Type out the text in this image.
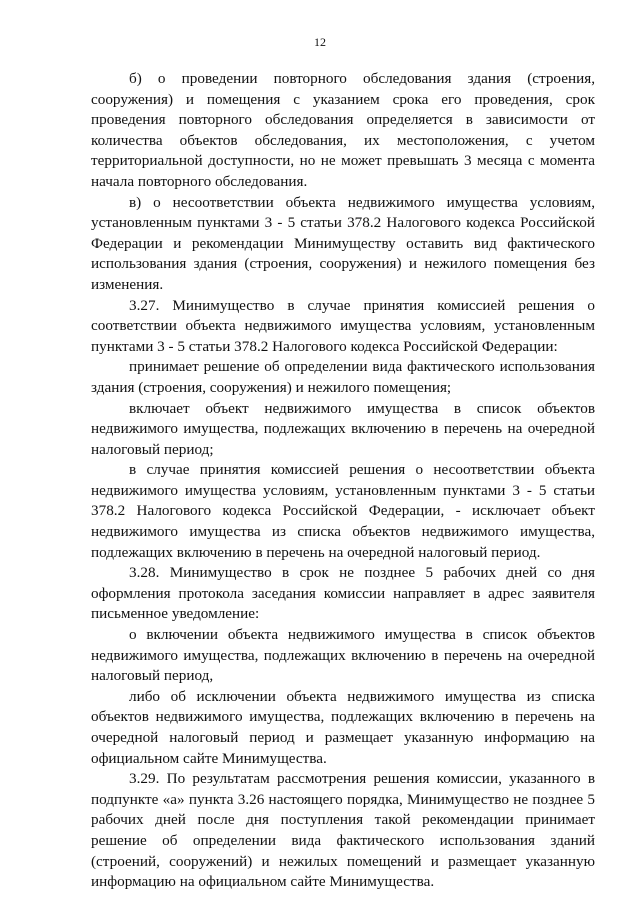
12

б) о проведении повторного обследования здания (строения, сооружения) и помещения с указанием срока его проведения, срок проведения повторного обследования определяется в зависимости от количества объектов обследования, их местоположения, с учетом территориальной доступности, но не может превышать 3 месяца с момента начала повторного обследования.

в) о несоответствии объекта недвижимого имущества условиям, установленным пунктами 3 - 5 статьи 378.2 Налогового кодекса Российской Федерации и рекомендации Минимуществу оставить вид фактического использования здания (строения, сооружения) и нежилого помещения без изменения.

3.27. Минимущество в случае принятия комиссией решения о соответствии объекта недвижимого имущества условиям, установленным пунктами 3 - 5 статьи 378.2 Налогового кодекса Российской Федерации:

принимает решение об определении вида фактического использования здания (строения, сооружения) и нежилого помещения;

включает объект недвижимого имущества в список объектов недвижимого имущества, подлежащих включению в перечень на очередной налоговый период;

в случае принятия комиссией решения о несоответствии объекта недвижимого имущества условиям, установленным пунктами 3 - 5 статьи 378.2 Налогового кодекса Российской Федерации, - исключает объект недвижимого имущества из списка объектов недвижимого имущества, подлежащих включению в перечень на очередной налоговый период.

3.28. Минимущество в срок не позднее 5 рабочих дней со дня оформления протокола заседания комиссии направляет в адрес заявителя письменное уведомление:

о включении объекта недвижимого имущества в список объектов недвижимого имущества, подлежащих включению в перечень на очередной налоговый период,

либо об исключении объекта недвижимого имущества из списка объектов недвижимого имущества, подлежащих включению в перечень на очередной налоговый период и размещает указанную информацию на официальном сайте Минимущества.

3.29. По результатам рассмотрения решения комиссии, указанного в подпункте «а» пункта 3.26 настоящего порядка, Минимущество не позднее 5 рабочих дней после дня поступления такой рекомендации принимает решение об определении вида фактического использования зданий (строений, сооружений) и нежилых помещений и размещает указанную информацию на официальном сайте Минимущества.
